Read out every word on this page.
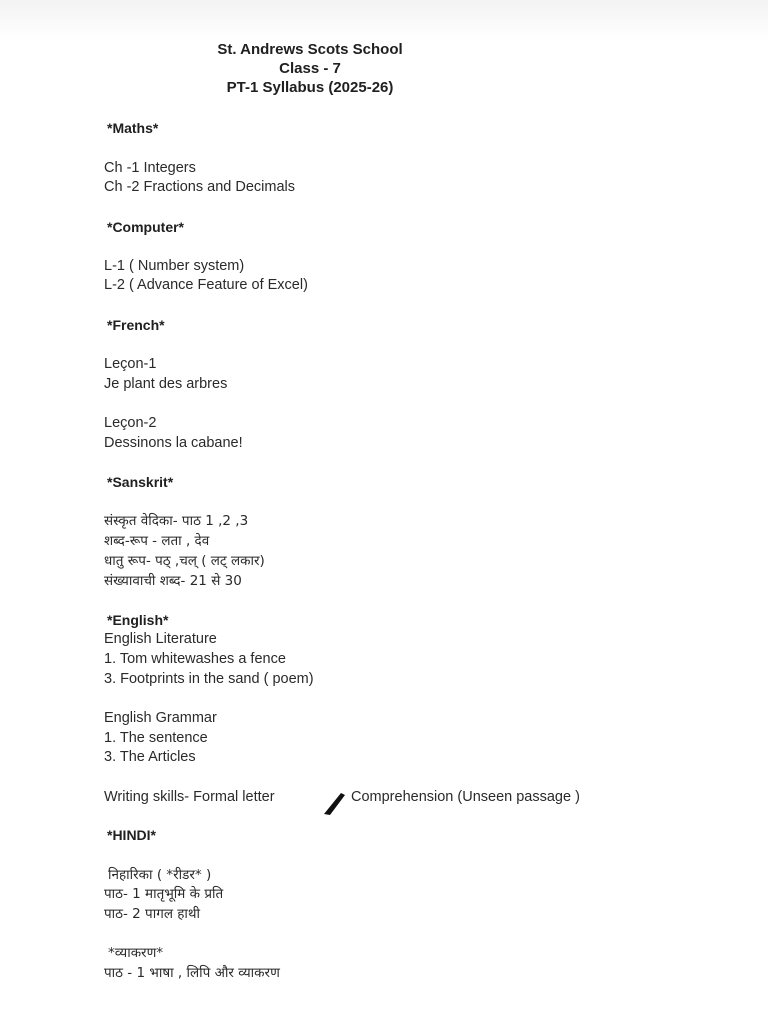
St. Andrews Scots School
Class - 7
PT-1 Syllabus (2025-26)
*Maths*
Ch -1 Integers
Ch -2 Fractions and Decimals
*Computer*
L-1 ( Number system)
L-2 ( Advance Feature of Excel)
*French*
Leçon-1
Je plant des arbres
Leçon-2
Dessinons la cabane!
*Sanskrit*
संस्कृत वेदिका- पाठ 1 ,2 ,3
शब्द-रूप - लता , देव
धातु रूप- पठ् ,चल् ( लट् लकार)
संख्यावाची शब्द- 21 से 30
*English*
English Literature
1. Tom whitewashes a fence
3. Footprints in the sand ( poem)
English Grammar
1. The sentence
3. The Articles
Writing skills- Formal letter	Comprehension (Unseen passage )
*HINDI*
निहारिका ( *रीडर* )
पाठ- 1 मातृभूमि के प्रति
पाठ- 2 पागल हाथी
*व्याकरण*
पाठ - 1 भाषा , लिपि और व्याकरण
